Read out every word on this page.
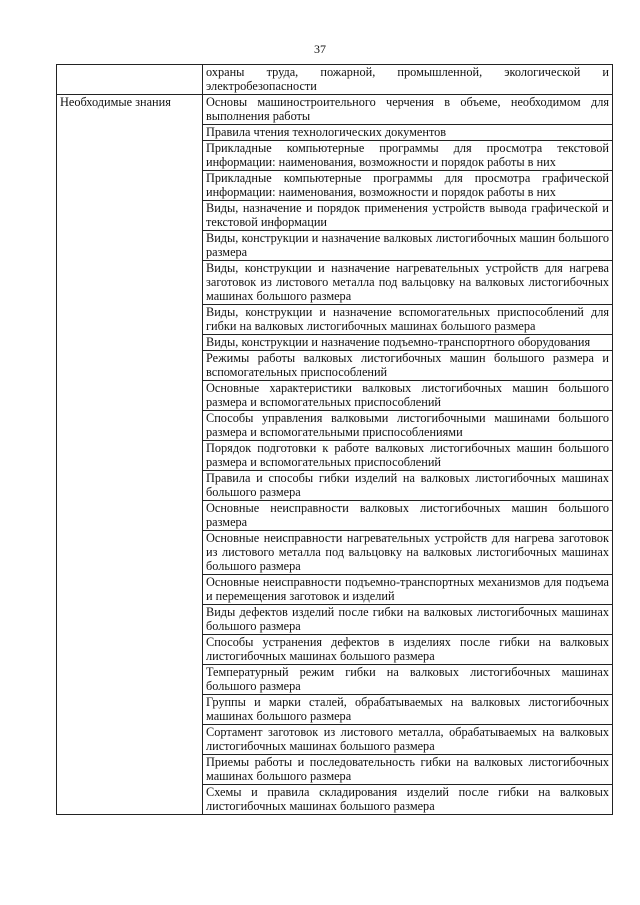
37
	охраны труда, пожарной, промышленной, экологической и электробезопасности
Необходимые знания	Основы машиностроительного черчения в объеме, необходимом для выполнения работы
	Правила чтения технологических документов
	Прикладные компьютерные программы для просмотра текстовой информации: наименования, возможности и порядок работы в них
	Прикладные компьютерные программы для просмотра графической информации: наименования, возможности и порядок работы в них
	Виды, назначение и порядок применения устройств вывода графической и текстовой информации
	Виды, конструкции и назначение валковых листогибочных машин большого размера
	Виды, конструкции и назначение нагревательных устройств для нагрева заготовок из листового металла под вальцовку на валковых листогибочных машинах большого размера
	Виды, конструкции и назначение вспомогательных приспособлений для гибки на валковых листогибочных машинах большого размера
	Виды, конструкции и назначение подъемно-транспортного оборудования
	Режимы работы валковых листогибочных машин большого размера и вспомогательных приспособлений
	Основные характеристики валковых листогибочных машин большого размера и вспомогательных приспособлений
	Способы управления валковыми листогибочными машинами большого размера и вспомогательными приспособлениями
	Порядок подготовки к работе валковых листогибочных машин большого размера и вспомогательных приспособлений
	Правила и способы гибки изделий на валковых листогибочных машинах большого размера
	Основные неисправности валковых листогибочных машин большого размера
	Основные неисправности нагревательных устройств для нагрева заготовок из листового металла под вальцовку на валковых листогибочных машинах большого размера
	Основные неисправности подъемно-транспортных механизмов для подъема и перемещения заготовок и изделий
	Виды дефектов изделий после гибки на валковых листогибочных машинах большого размера
	Способы устранения дефектов в изделиях после гибки на валковых листогибочных машинах большого размера
	Температурный режим гибки на валковых листогибочных машинах большого размера
	Группы и марки сталей, обрабатываемых на валковых листогибочных машинах большого размера
	Сортамент заготовок из листового металла, обрабатываемых на валковых листогибочных машинах большого размера
	Приемы работы и последовательность гибки на валковых листогибочных машинах большого размера
	Схемы и правила складирования изделий после гибки на валковых листогибочных машинах большого размера
